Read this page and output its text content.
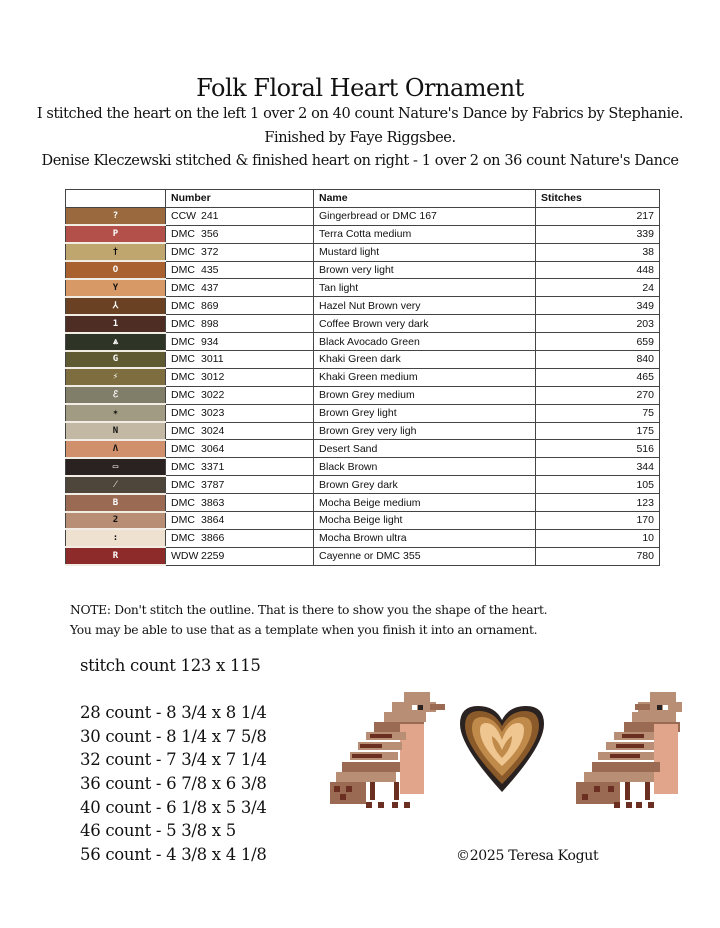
Folk Floral Heart Ornament
I stitched the heart on the left 1 over 2 on 40 count Nature's Dance by Fabrics by Stephanie.
Finished by Faye Riggsbee.
Denise Kleczewski stitched & finished heart on right - 1 over 2 on 36 count Nature's Dance
	Number	Name	Stitches
?	CCW 241	Gingerbread or DMC 167	217
P	DMC 356	Terra Cotta medium	339
†	DMC 372	Mustard light	38
O	DMC 435	Brown very light	448
Y	DMC 437	Tan light	24
⅄	DMC 869	Hazel Nut Brown very	349
1	DMC 898	Coffee Brown very dark	203
⩓	DMC 934	Black Avocado Green	659
G	DMC 3011	Khaki Green dark	840
⚡	DMC 3012	Khaki Green medium	465
ℰ	DMC 3022	Brown Grey medium	270
✶	DMC 3023	Brown Grey light	75
N	DMC 3024	Brown Grey very ligh	175
Λ	DMC 3064	Desert Sand	516
▭	DMC 3371	Black Brown	344
⁄	DMC 3787	Brown Grey dark	105
B	DMC 3863	Mocha Beige medium	123
2	DMC 3864	Mocha Beige light	170
:	DMC 3866	Mocha Brown ultra	10
R	WDW 2259	Cayenne or DMC 355	780
NOTE: Don't stitch the outline. That is there to show you the shape of the heart.
You may be able to use that as a template when you finish it into an ornament.
stitch count 123 x 115
28 count - 8 3/4 x 8 1/4
30 count - 8 1/4 x 7 5/8
32 count - 7 3/4 x 7 1/4
36 count - 6 7/8 x 6 3/8
40 count - 6 1/8 x 5 3/4
46 count - 5 3/8 x 5
56 count - 4 3/8 x 4 1/8	©2025 Teresa Kogut
